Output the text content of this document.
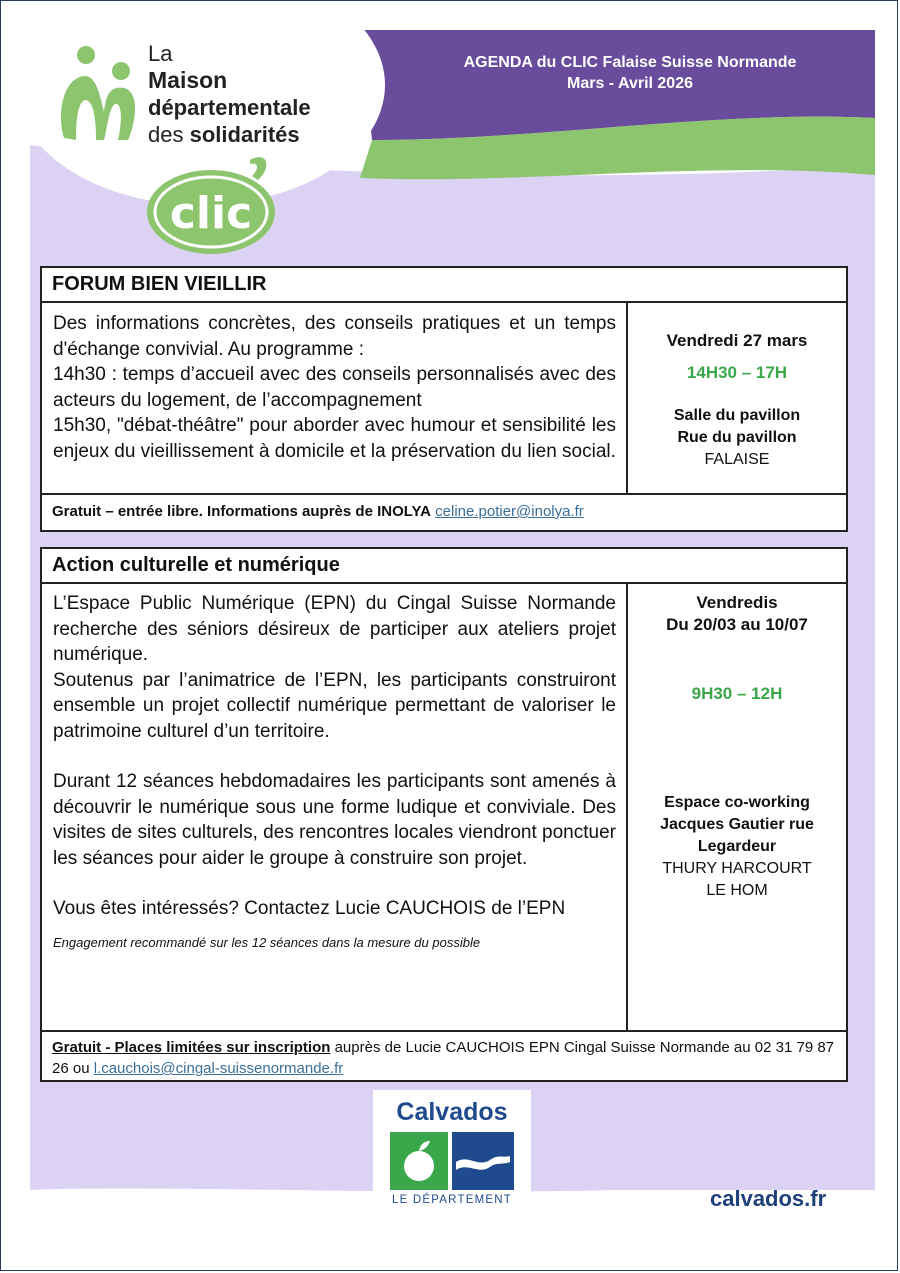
clic
La
Maison
départementale
des solidarités
AGENDA du CLIC Falaise Suisse Normande
Mars - Avril 2026
FORUM BIEN VIEILLIR

Des informations concrètes, des conseils pratiques et un temps d'échange convivial. Au programme :

14h30 : temps d’accueil avec des conseils personnalisés avec des acteurs du logement, de l’accompagnement

15h30, "débat-théâtre" pour aborder avec humour et sensibilité les enjeux du vieillissement à domicile et la préservation du lien social.

Vendredi 27 mars
14H30 – 17H
Salle du pavillon
Rue du pavillon
FALAISE
Gratuit – entrée libre. Informations auprès de INOLYA celine.potier@inolya.fr
Action culturelle et numérique

L’Espace Public Numérique (EPN) du Cingal Suisse Normande recherche des séniors désireux de participer aux ateliers projet numérique.

Soutenus par l’animatrice de l’EPN, les participants construiront ensemble un projet collectif numérique permettant de valoriser le patrimoine culturel d’un territoire.

Durant 12 séances hebdomadaires les participants sont amenés à découvrir le numérique sous une forme ludique et conviviale. Des visites de sites culturels, des rencontres locales viendront ponctuer les séances pour aider le groupe à construire son projet.

Vous êtes intéressés? Contactez Lucie CAUCHOIS de l’EPN

Engagement recommandé sur les 12 séances dans la mesure du possible

Vendredis
Du 20/03 au 10/07
9H30 – 12H
Espace co-working
Jacques Gautier rue
Legardeur
THURY HARCOURT
LE HOM
Gratuit - Places limitées sur inscription auprès de Lucie CAUCHOIS EPN Cingal Suisse Normande au 02 31 79 87 26 ou l.cauchois@cingal-suissenormande.fr
Calvados
LE DÉPARTEMENT	calvados.fr
